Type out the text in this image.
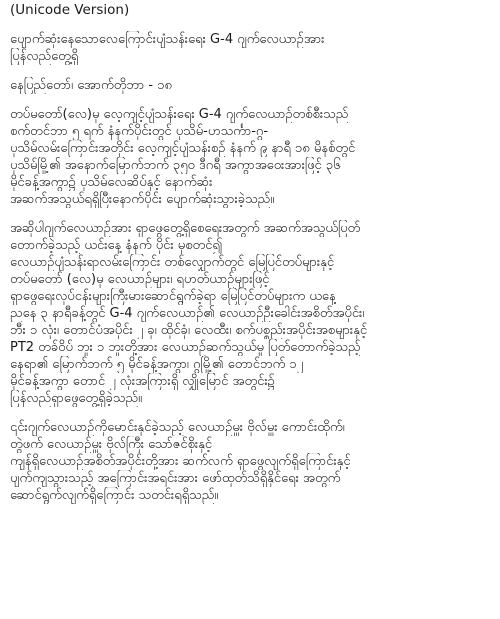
(Unicode Version)
ပျောက်ဆုံးနေသောလေကြောင်းပျံသန်းရေး G-4 ဂျက်လေယာဉ်အား
ပြန်လည်တွေ့ရှိ
နေပြည်တော်၊ အောက်တိုဘာ - ၁၈
တပ်မတော်(လေ)မှ လေ့ကျင့်ပျံသန်းရေး G-4 ဂျက်လေယာဉ်တစ်စီးသည်
စက်တင်ဘာ ၅ ရက် နံနက်ပိုင်းတွင် ပုသိမ်-ဟသင်္ကာ-ဂွ-
ပုသိမ်လမ်းကြောင်းအတိုင်း လေ့ကျင့်ပျံသန်းစဉ် နံနက် ၉ နာရီ ၁၈ မိနစ်တွင်
ပုသိမ်မြို့၏ အနောက်မြောက်ဘက် ၃၅၀ ဒီဂရီ အကွာအဝေးအားဖြင့် ၃၆
မိုင်ခန့်အကွာ၌ ပုသိမ်လေဆိပ်နှင့် နောက်ဆုံး
အဆက်အသွယ်ရရှိပြီးနောက်ပိုင်း ပျောက်ဆုံးသွားခဲ့သည်။
အဆိုပါဂျက်လေယာဉ်အား ရှာဖွေတွေ့ရှိစေရေးအတွက် အဆက်အသွယ်ပြတ်
တောက်ခဲ့သည့် ယင်းနေ့ နံနက် ပိုင်း မှစတင်၍
လေယာဉ်ပျံသန်းရာလမ်းကြောင်း တစ်လျှောက်တွင် မြေပြင်တပ်များနှင့်
တပ်မတော် (လေ)မှ လေယာဉ်များ၊ ရဟတ်ယာဉ်များဖြင့်
ရှာဖွေရေးလုပ်ငန်းများကြီးမားဆောင်ရွက်ခဲ့ရာ မြေပြင်တပ်များက ယနေ့
ညနေ ၃ နာရီခန့်တွင် G-4 ဂျက်လေယာဉ်၏ လေယာဉ်ဦးခေါင်းအစိတ်အပိုင်း၊
ဘီး ၁ လုံး၊ တောင်ပံအပိုင်း ၂ ခု၊ ထိုင်ခုံ၊ လေထီး၊ စက်ပစ္စည်းအပိုင်းအစများနှင့်
PT2 တခ်ဝိပ် ဘူး ၁ ဘူးတို့အား လေယာဉ်ဆက်သွယ်မှု ပြတ်တောက်ခဲ့သည့်
နေရာ၏ မြောက်ဘက် ၅ မိုင်ခန့်အကွာ၊ ဂွမြို့၏ တောင်ဘက် ၁၂
မိုင်ခန့်အကွာ တောင် ၂ လုံးအကြားရှိ လျှိုမြောင် အတွင်း၌
ပြန်လည်ရှာဖွေတွေ့ရှိခဲ့သည်။
၎င်းဂျက်လေယာဉ်ကိုမောင်းနှင်ခဲ့သည့် လေယာဉ်မှူး ဗိုလ်မှူး ကောင်းထိုက်၊
တွဲဖက် လေယာဉ်မှူး ဗိုလ်ကြီး သော်ဇင်စိုးနှင့်
ကျန်ရှိလေယာဉ်အစိတ်အပိုင်းတို့အား ဆက်လက် ရှာဖွေလျက်ရှိကြောင်းနှင့်
ပျက်ကျသွားသည့် အကြောင်းအရင်းအား ဖော်ထုတ်သိရှိနိုင်ရေး အတွက်
ဆောင်ရွက်လျက်ရှိကြောင်း သတင်းရရှိသည်။
